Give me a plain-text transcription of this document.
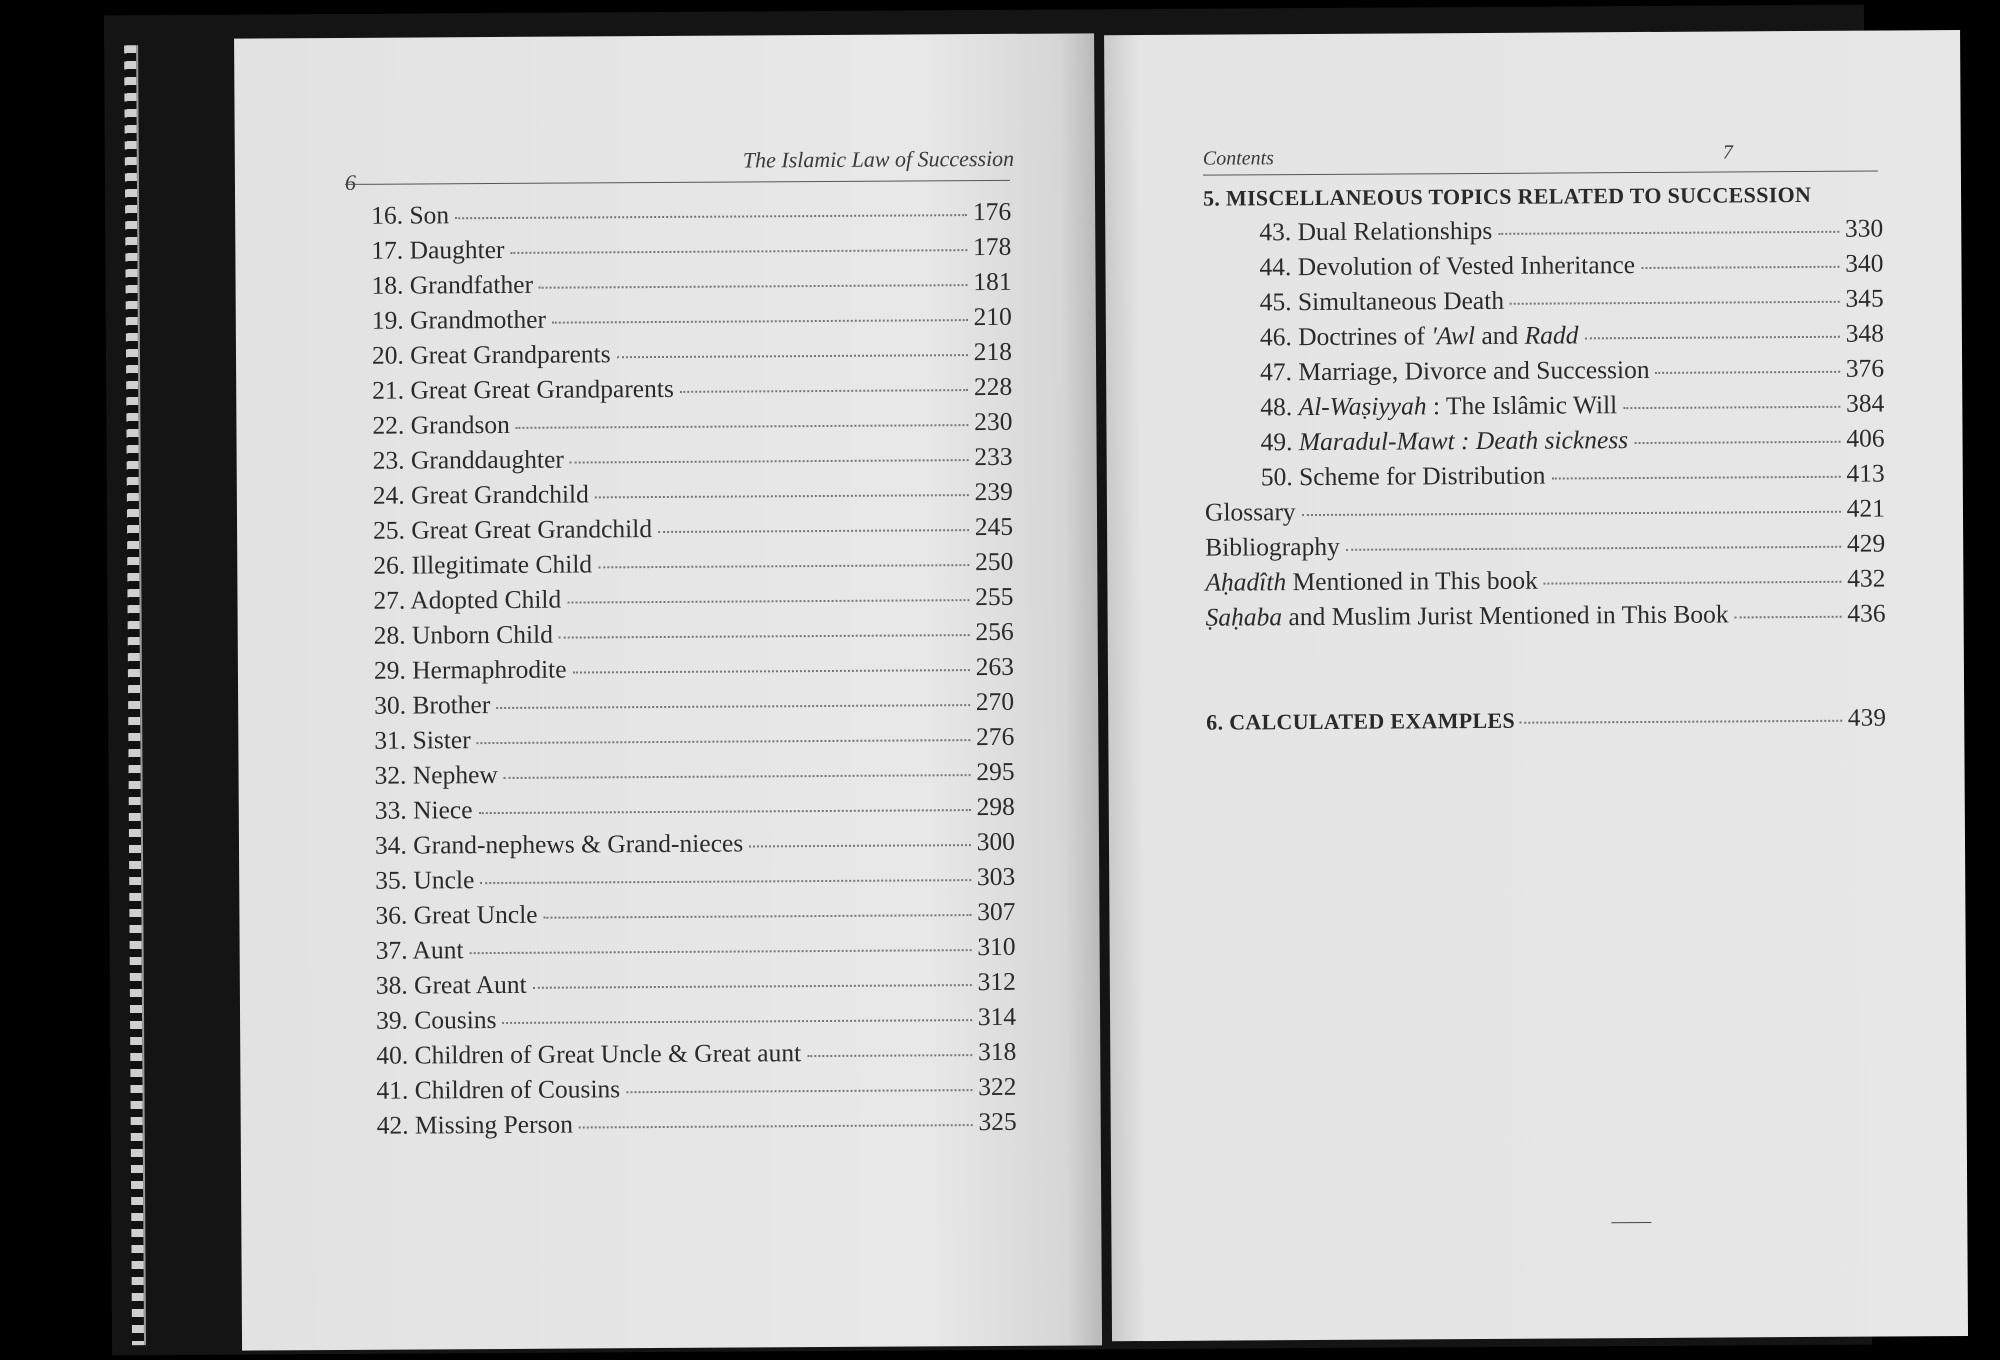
6
The Islamic Law of Succession
16. Son	176
17. Daughter	178
18. Grandfather	181
19. Grandmother	210
20. Great Grandparents	218
21. Great Great Grandparents	228
22. Grandson	230
23. Granddaughter	233
24. Great Grandchild	239
25. Great Great Grandchild	245
26. Illegitimate Child	250
27. Adopted Child	255
28. Unborn Child	256
29. Hermaphrodite	263
30. Brother	270
31. Sister	276
32. Nephew	295
33. Niece	298
34. Grand-nephews & Grand-nieces	300
35. Uncle	303
36. Great Uncle	307
37. Aunt	310
38. Great Aunt	312
39. Cousins	314
40. Children of Great Uncle & Great aunt	318
41. Children of Cousins	322
42. Missing Person	325
Contents	7
5. MISCELLANEOUS TOPICS RELATED TO SUCCESSION
43. Dual Relationships	330
44. Devolution of Vested Inheritance	340
45. Simultaneous Death	345
46. Doctrines of 'Awl and Radd	348
47. Marriage, Divorce and Succession	376
48. Al-Waṣiyyah : The Islâmic Will	384
49. Maradul-Mawt : Death sickness	406
50. Scheme for Distribution	413
Glossary	421
Bibliography	429
Aḥadîth Mentioned in This book	432
Ṣaḥaba and Muslim Jurist Mentioned in This Book	436
6. CALCULATED EXAMPLES	439
